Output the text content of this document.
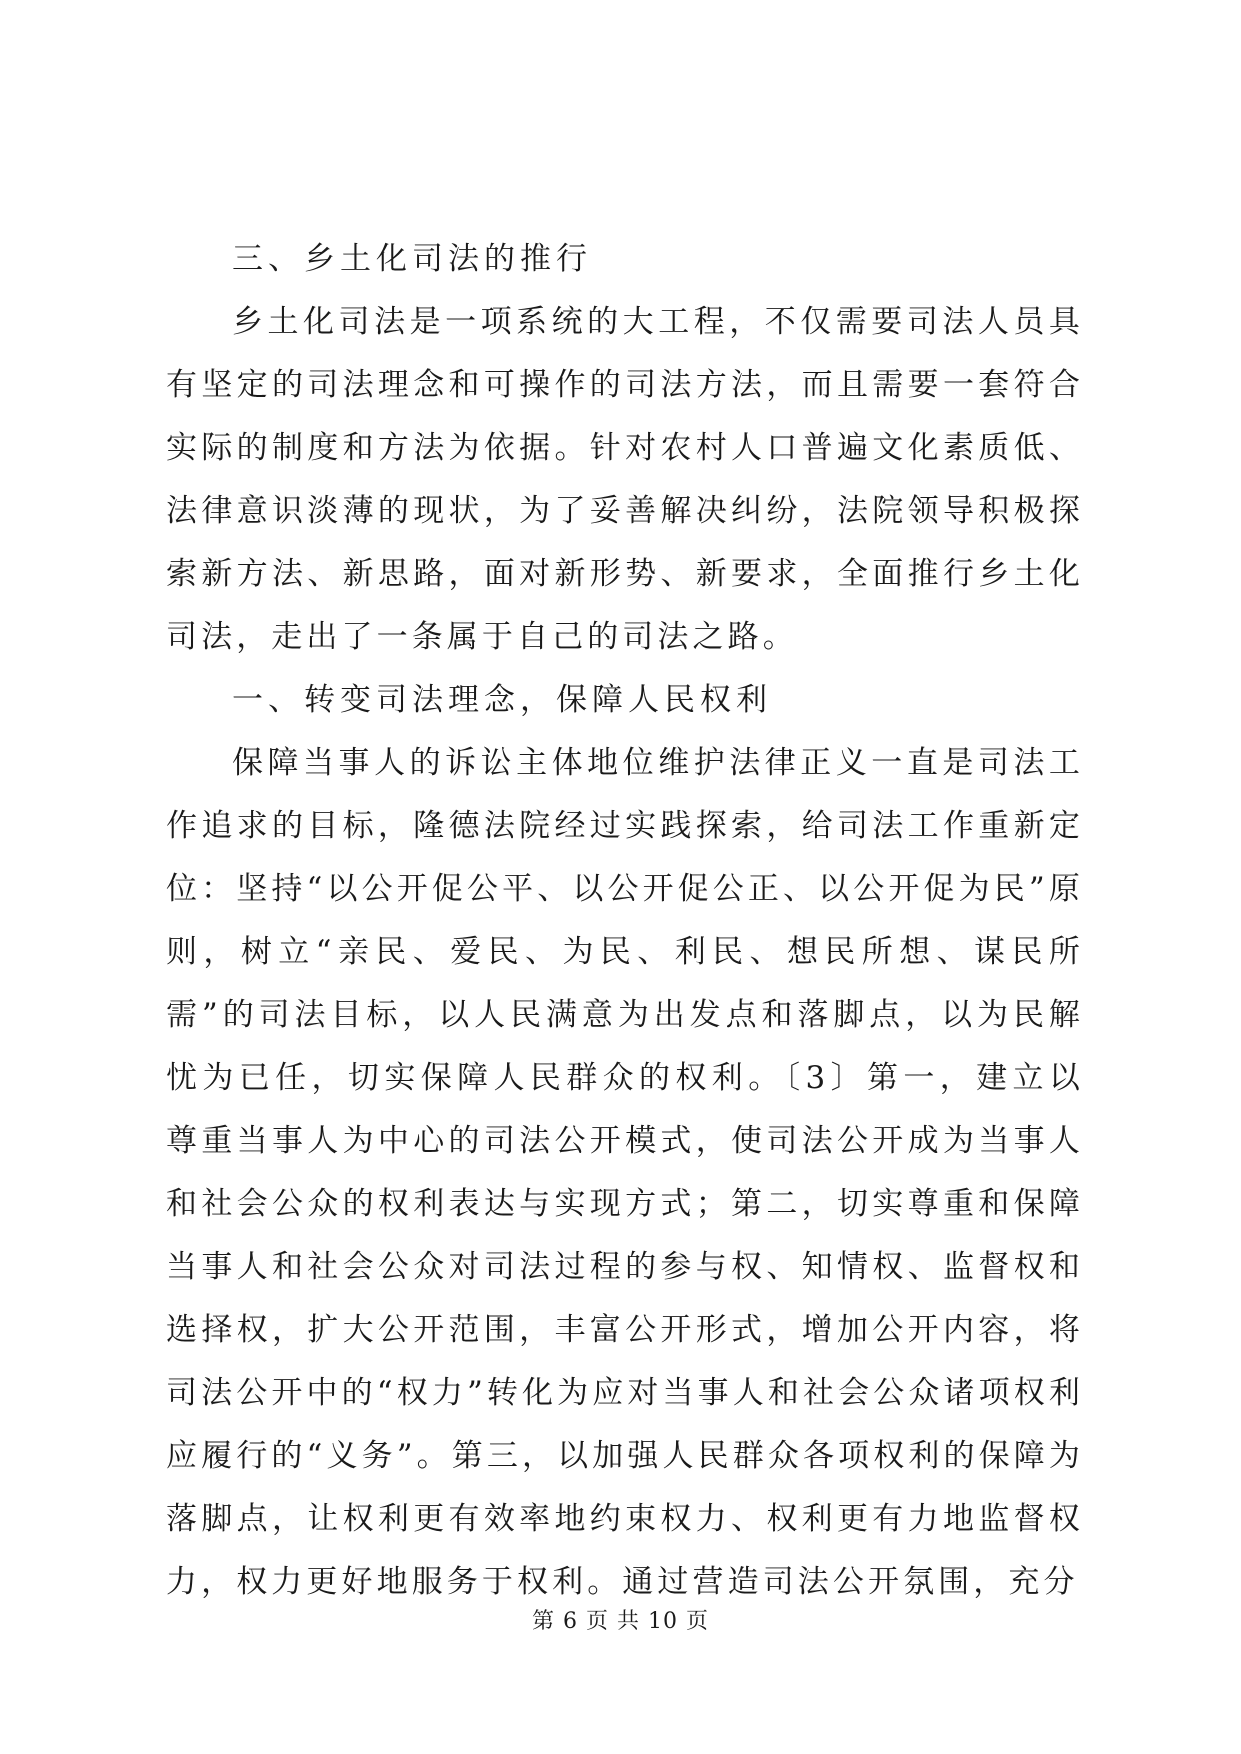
三、乡土化司法的推行

乡土化司法是一项系统的大工程，不仅需要司法人员具有坚定的司法理念和可操作的司法方法，而且需要一套符合实际的制度和方法为依据。针对农村人口普遍文化素质低、法律意识淡薄的现状，为了妥善解决纠纷，法院领导积极探索新方法、新思路，面对新形势、新要求，全面推行乡土化司法，走出了一条属于自己的司法之路。

一、转变司法理念，保障人民权利

保障当事人的诉讼主体地位维护法律正义一直是司法工作追求的目标，隆德法院经过实践探索，给司法工作重新定位：坚持“以公开促公平、以公开促公正、以公开促为民”原则，树立“亲民、爱民、为民、利民、想民所想、谋民所需”的司法目标，以人民满意为出发点和落脚点，以为民解忧为已任，切实保障人民群众的权利。〔3〕第一，建立以尊重当事人为中心的司法公开模式，使司法公开成为当事人和社会公众的权利表达与实现方式；第二，切实尊重和保障当事人和社会公众对司法过程的参与权、知情权、监督权和选择权，扩大公开范围，丰富公开形式，增加公开内容，将司法公开中的“权力”转化为应对当事人和社会公众诸项权利应履行的“义务”。第三，以加强人民群众各项权利的保障为落脚点，让权利更有效率地约束权力、权利更有力地监督权力，权力更好地服务于权利。通过营造司法公开氛围，充分

第 6 页 共 10 页
